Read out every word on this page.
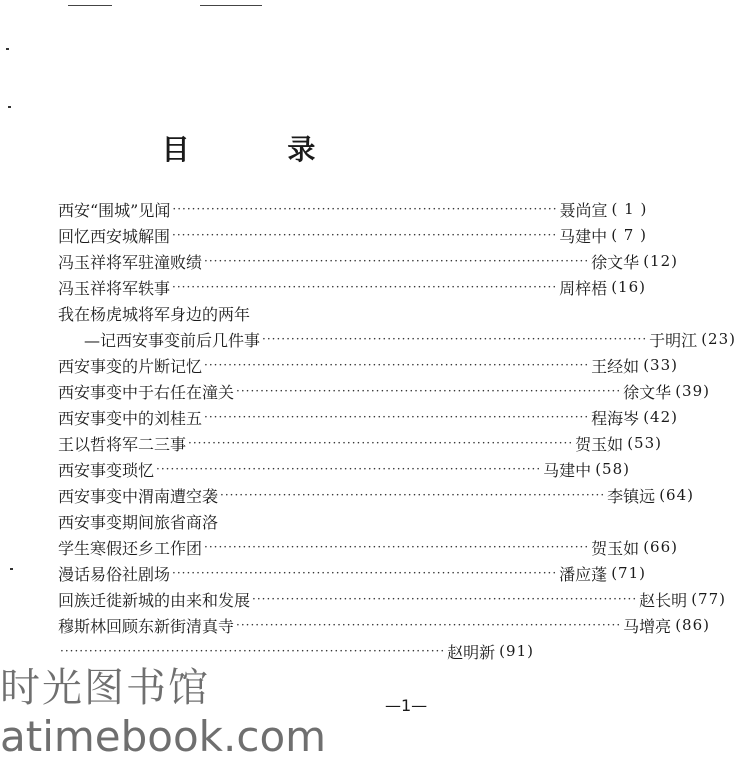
目 录
西安“围城”见闻 ················································································ 聂尚宣 ( 1 )
回忆西安城解围 ················································································ 马建中 ( 7 )
冯玉祥将军驻潼败绩 ················································································ 徐文华 (12)
冯玉祥将军轶事 ················································································ 周梓梧 (16)
我在杨虎城将军身边的两年
—记西安事变前后几件事 ················································································ 于明江 (23)
西安事变的片断记忆 ················································································ 王经如 (33)
西安事变中于右任在潼关 ················································································ 徐文华 (39)
西安事变中的刘桂五 ················································································ 程海岑 (42)
王以哲将军二三事 ················································································ 贺玉如 (53)
西安事变琐忆 ················································································ 马建中 (58)
西安事变中渭南遭空袭 ················································································ 李镇远 (64)
西安事变期间旅省商洛
学生寒假还乡工作团 ················································································ 贺玉如 (66)
漫话易俗社剧场 ················································································ 潘应蓬 (71)
回族迁徙新城的由来和发展 ················································································ 赵长明 (77)
穆斯林回顾东新街清真寺 ················································································ 马增亮 (86)
················································································ 赵明新 (91)
—1—
时光图书馆
atimebook.com
